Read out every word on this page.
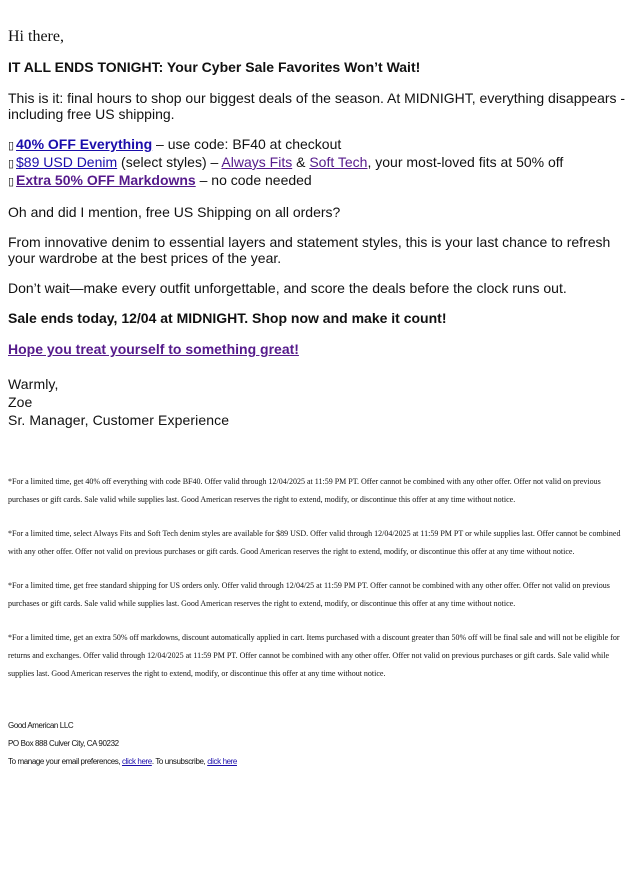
Hi there,

IT ALL ENDS TONIGHT: Your Cyber Sale Favorites Won’t Wait!

This is it: final hours to shop our biggest deals of the season. At MIDNIGHT, everything disappears - including free US shipping.

▯ 40% OFF Everything – use code: BF40 at checkout
▯ $89 USD Denim (select styles) – Always Fits & Soft Tech, your most-loved fits at 50% off
▯ Extra 50% OFF Markdowns – no code needed

Oh and did I mention, free US Shipping on all orders?

From innovative denim to essential layers and statement styles, this is your last chance to refresh your wardrobe at the best prices of the year.

Don’t wait—make every outfit unforgettable, and score the deals before the clock runs out.

Sale ends today, 12/04 at MIDNIGHT. Shop now and make it count!

Hope you treat yourself to something great!

Warmly,
Zoe
Sr. Manager, Customer Experience

*For a limited time, get 40% off everything with code BF40. Offer valid through 12/04/2025 at 11:59 PM PT. Offer cannot be combined with any other offer. Offer not valid on previous purchases or gift cards. Sale valid while supplies last. Good American reserves the right to extend, modify, or discontinue this offer at any time without notice.

*For a limited time, select Always Fits and Soft Tech denim styles are available for $89 USD. Offer valid through 12/04/2025 at 11:59 PM PT or while supplies last. Offer cannot be combined with any other offer. Offer not valid on previous purchases or gift cards. Good American reserves the right to extend, modify, or discontinue this offer at any time without notice.

*For a limited time, get free standard shipping for US orders only. Offer valid through 12/04/25 at 11:59 PM PT. Offer cannot be combined with any other offer. Offer not valid on previous purchases or gift cards. Sale valid while supplies last. Good American reserves the right to extend, modify, or discontinue this offer at any time without notice.

*For a limited time, get an extra 50% off markdowns, discount automatically applied in cart. Items purchased with a discount greater than 50% off will be final sale and will not be eligible for returns and exchanges. Offer valid through 12/04/2025 at 11:59 PM PT. Offer cannot be combined with any other offer. Offer not valid on previous purchases or gift cards. Sale valid while supplies last. Good American reserves the right to extend, modify, or discontinue this offer at any time without notice.

Good American LLC
PO Box 888 Culver City, CA 90232
To manage your email preferences, click here. To unsubscribe, click here
